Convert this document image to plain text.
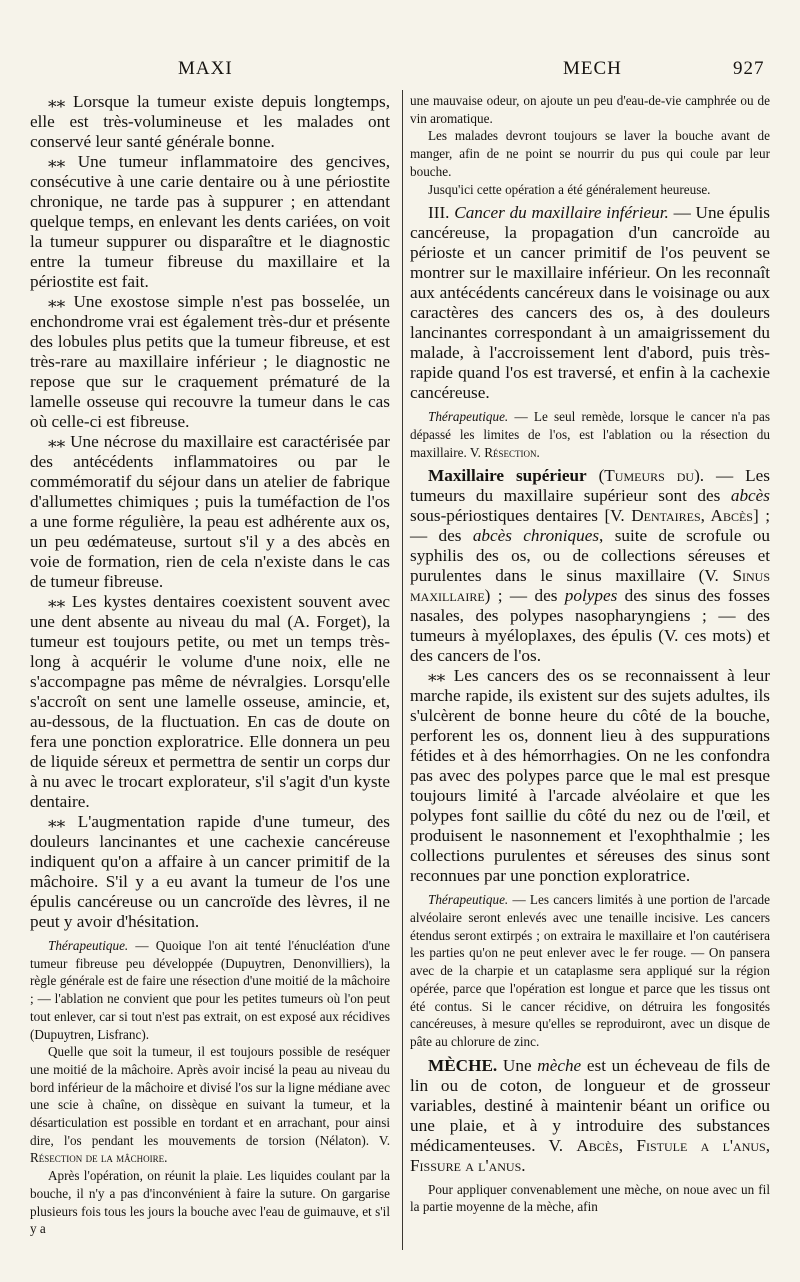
MAXI	MECH	927

⁎⁎ Lorsque la tumeur existe depuis longtemps, elle est très-volumineuse et les malades ont conservé leur santé générale bonne.

⁎⁎ Une tumeur inflammatoire des gencives, consécutive à une carie dentaire ou à une périostite chronique, ne tarde pas à suppurer ; en attendant quelque temps, en enlevant les dents cariées, on voit la tumeur suppurer ou disparaître et le diagnostic entre la tumeur fibreuse du maxillaire et la périostite est fait.

⁎⁎ Une exostose simple n'est pas bosselée, un enchondrome vrai est également très-dur et présente des lobules plus petits que la tumeur fibreuse, et est très-rare au maxillaire inférieur ; le diagnostic ne repose que sur le craquement prématuré de la lamelle osseuse qui recouvre la tumeur dans le cas où celle-ci est fibreuse.

⁎⁎ Une nécrose du maxillaire est caractérisée par des antécédents inflammatoires ou par le commémoratif du séjour dans un atelier de fabrique d'allumettes chimiques ; puis la tuméfaction de l'os a une forme régulière, la peau est adhérente aux os, un peu œdémateuse, surtout s'il y a des abcès en voie de formation, rien de cela n'existe dans le cas de tumeur fibreuse.

⁎⁎ Les kystes dentaires coexistent souvent avec une dent absente au niveau du mal (A. Forget), la tumeur est toujours petite, ou met un temps très-long à acquérir le volume d'une noix, elle ne s'accompagne pas même de névralgies. Lorsqu'elle s'accroît on sent une lamelle osseuse, amincie, et, au-dessous, de la fluctuation. En cas de doute on fera une ponction exploratrice. Elle donnera un peu de liquide séreux et permettra de sentir un corps dur à nu avec le trocart explorateur, s'il s'agit d'un kyste dentaire.

⁎⁎ L'augmentation rapide d'une tumeur, des douleurs lancinantes et une cachexie cancéreuse indiquent qu'on a affaire à un cancer primitif de la mâchoire. S'il y a eu avant la tumeur de l'os une épulis cancéreuse ou un cancroïde des lèvres, il ne peut y avoir d'hésitation.

Thérapeutique. — Quoique l'on ait tenté l'énucléation d'une tumeur fibreuse peu développée (Dupuytren, Denonvilliers), la règle générale est de faire une résection d'une moitié de la mâchoire ; — l'ablation ne convient que pour les petites tumeurs où l'on peut tout enlever, car si tout n'est pas extrait, on est exposé aux récidives (Dupuytren, Lisfranc).

Quelle que soit la tumeur, il est toujours possible de reséquer une moitié de la mâchoire. Après avoir incisé la peau au niveau du bord inférieur de la mâchoire et divisé l'os sur la ligne médiane avec une scie à chaîne, on dissèque en suivant la tumeur, et la désarticulation est possible en tordant et en arrachant, pour ainsi dire, l'os pendant les mouvements de torsion (Nélaton). V. Résection de la mâchoire.

Après l'opération, on réunit la plaie. Les liquides coulant par la bouche, il n'y a pas d'inconvénient à faire la suture. On gargarise plusieurs fois tous les jours la bouche avec l'eau de guimauve, et s'il y a

une mauvaise odeur, on ajoute un peu d'eau-de-vie camphrée ou de vin aromatique.

Les malades devront toujours se laver la bouche avant de manger, afin de ne point se nourrir du pus qui coule par leur bouche.

Jusqu'ici cette opération a été généralement heureuse.

III. Cancer du maxillaire inférieur. — Une épulis cancéreuse, la propagation d'un cancroïde au périoste et un cancer primitif de l'os peuvent se montrer sur le maxillaire inférieur. On les reconnaît aux antécédents cancéreux dans le voisinage ou aux caractères des cancers des os, à des douleurs lancinantes correspondant à un amaigrissement du malade, à l'accroissement lent d'abord, puis très-rapide quand l'os est traversé, et enfin à la cachexie cancéreuse.

Thérapeutique. — Le seul remède, lorsque le cancer n'a pas dépassé les limites de l'os, est l'ablation ou la résection du maxillaire. V. Résection.

Maxillaire supérieur (Tumeurs du). — Les tumeurs du maxillaire supérieur sont des abcès sous-périostiques dentaires [V. Dentaires, Abcès] ; — des abcès chroniques, suite de scrofule ou syphilis des os, ou de collections séreuses et purulentes dans le sinus maxillaire (V. Sinus maxillaire) ; — des polypes des sinus des fosses nasales, des polypes nasopharyngiens ; — des tumeurs à myéloplaxes, des épulis (V. ces mots) et des cancers de l'os.

⁎⁎ Les cancers des os se reconnaissent à leur marche rapide, ils existent sur des sujets adultes, ils s'ulcèrent de bonne heure du côté de la bouche, perforent les os, donnent lieu à des suppurations fétides et à des hémorrhagies. On ne les confondra pas avec des polypes parce que le mal est presque toujours limité à l'arcade alvéolaire et que les polypes font saillie du côté du nez ou de l'œil, et produisent le nasonnement et l'exophthalmie ; les collections purulentes et séreuses des sinus sont reconnues par une ponction exploratrice.

Thérapeutique. — Les cancers limités à une portion de l'arcade alvéolaire seront enlevés avec une tenaille incisive. Les cancers étendus seront extirpés ; on extraira le maxillaire et l'on cautérisera les parties qu'on ne peut enlever avec le fer rouge. — On pansera avec de la charpie et un cataplasme sera appliqué sur la région opérée, parce que l'opération est longue et parce que les tissus ont été contus. Si le cancer récidive, on détruira les fongosités cancéreuses, à mesure qu'elles se reproduiront, avec un disque de pâte au chlorure de zinc.

MÈCHE. Une mèche est un écheveau de fils de lin ou de coton, de longueur et de grosseur variables, destiné à maintenir béant un orifice ou une plaie, et à y introduire des substances médicamenteuses. V. Abcès, Fistule a l'anus, Fissure a l'anus.

Pour appliquer convenablement une mèche, on noue avec un fil la partie moyenne de la mèche, afin
